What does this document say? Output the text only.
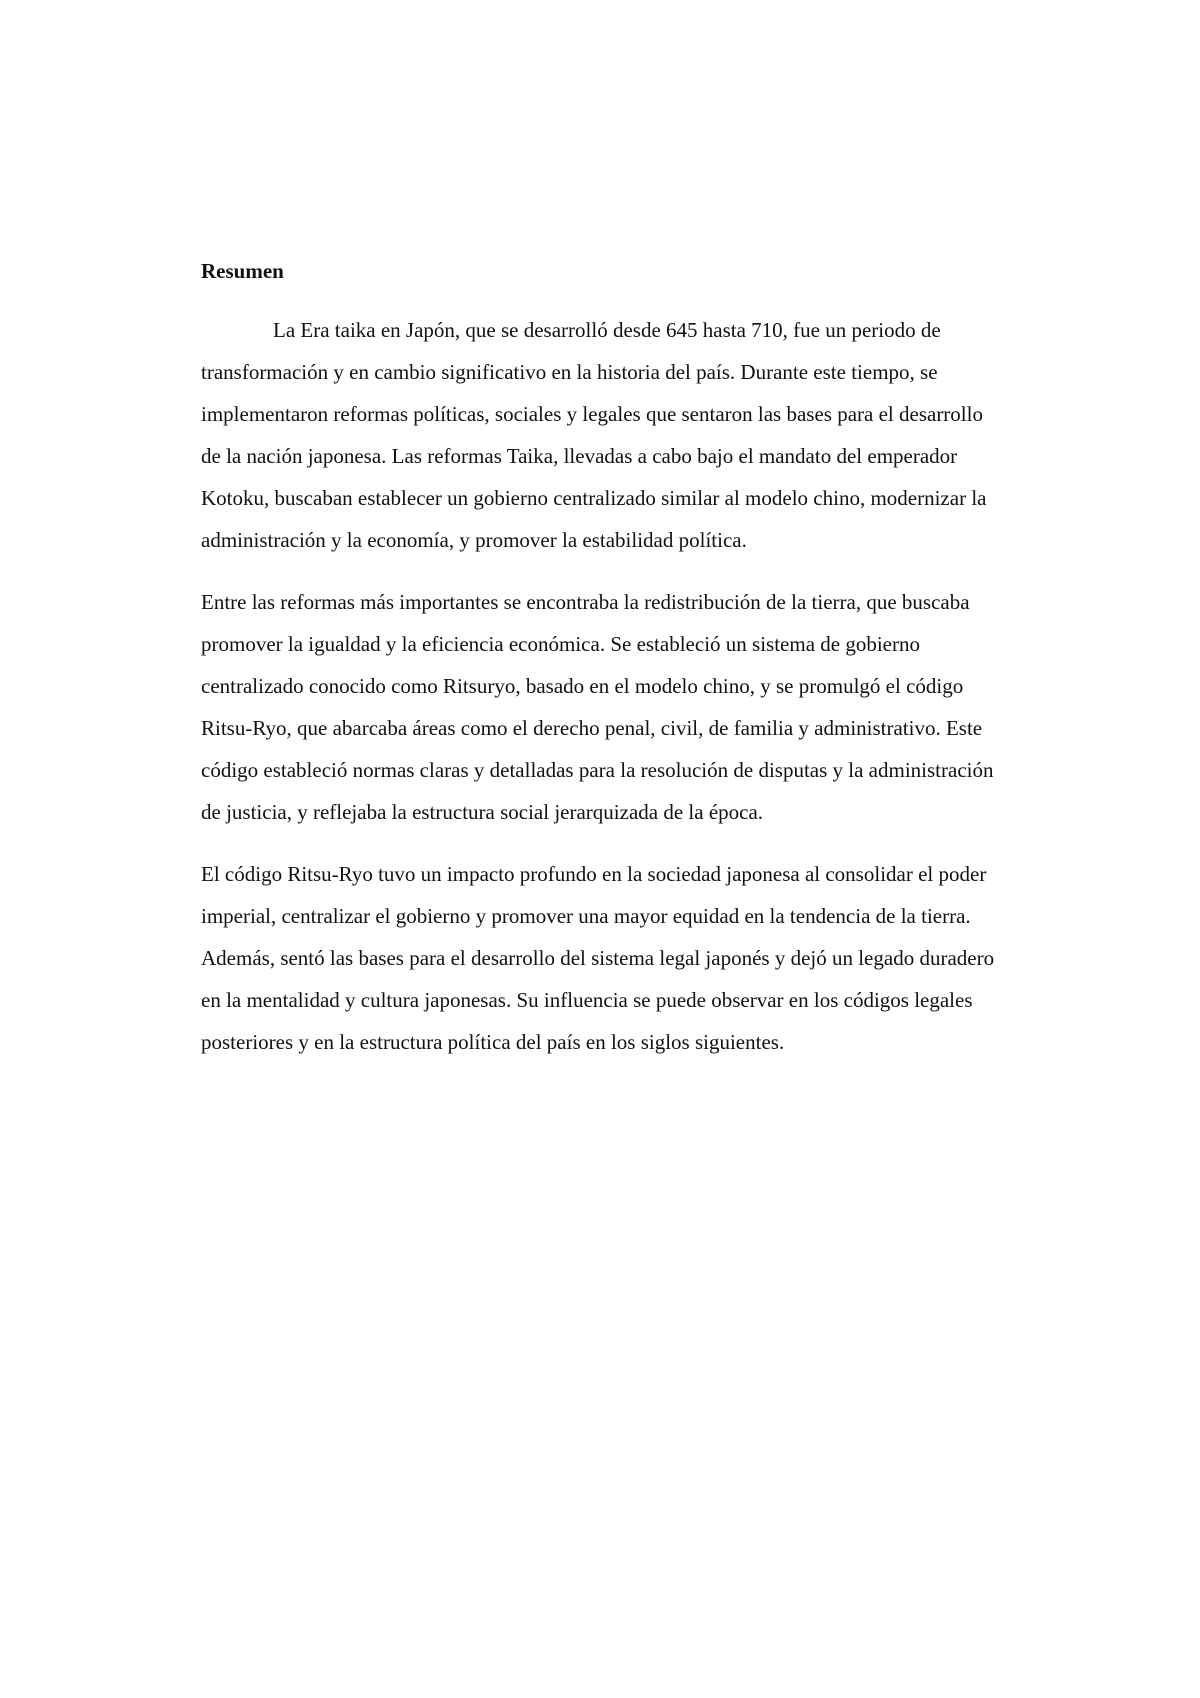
Resumen

La Era taika en Japón, que se desarrolló desde 645 hasta 710, fue un periodo de transformación y en cambio significativo en la historia del país. Durante este tiempo, se implementaron reformas políticas, sociales y legales que sentaron las bases para el desarrollo de la nación japonesa. Las reformas Taika, llevadas a cabo bajo el mandato del emperador Kotoku, buscaban establecer un gobierno centralizado similar al modelo chino, modernizar la administración y la economía, y promover la estabilidad política.

Entre las reformas más importantes se encontraba la redistribución de la tierra, que buscaba promover la igualdad y la eficiencia económica. Se estableció un sistema de gobierno centralizado conocido como Ritsuryo, basado en el modelo chino, y se promulgó el código Ritsu-Ryo, que abarcaba áreas como el derecho penal, civil, de familia y administrativo. Este código estableció normas claras y detalladas para la resolución de disputas y la administración de justicia, y reflejaba la estructura social jerarquizada de la época.

El código Ritsu-Ryo tuvo un impacto profundo en la sociedad japonesa al consolidar el poder imperial, centralizar el gobierno y promover una mayor equidad en la tendencia de la tierra. Además, sentó las bases para el desarrollo del sistema legal japonés y dejó un legado duradero en la mentalidad y cultura japonesas. Su influencia se puede observar en los códigos legales posteriores y en la estructura política del país en los siglos siguientes.
